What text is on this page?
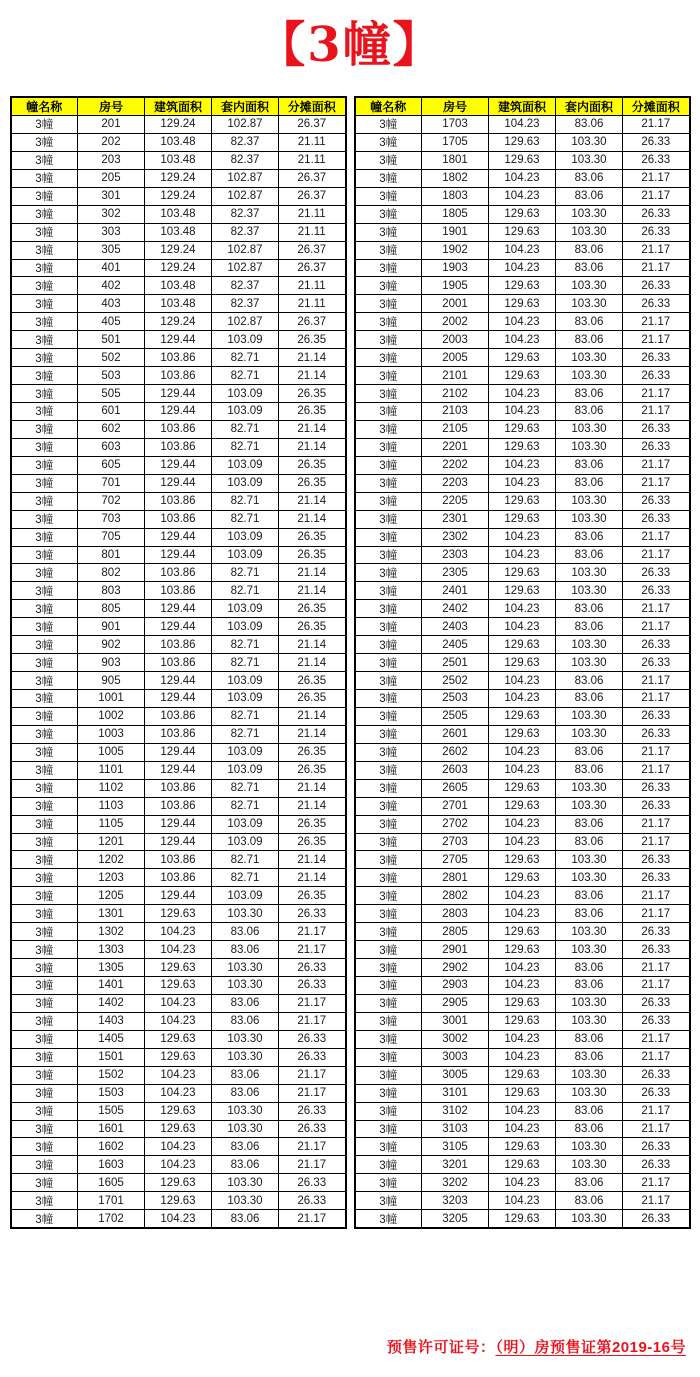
【3幢】
幢名称	房号	建筑面积	套内面积	分摊面积
3幢	201	129.24	102.87	26.37
3幢	202	103.48	82.37	21.11
3幢	203	103.48	82.37	21.11
3幢	205	129.24	102.87	26.37
3幢	301	129.24	102.87	26.37
3幢	302	103.48	82.37	21.11
3幢	303	103.48	82.37	21.11
3幢	305	129.24	102.87	26.37
3幢	401	129.24	102.87	26.37
3幢	402	103.48	82.37	21.11
3幢	403	103.48	82.37	21.11
3幢	405	129.24	102.87	26.37
3幢	501	129.44	103.09	26.35
3幢	502	103.86	82.71	21.14
3幢	503	103.86	82.71	21.14
3幢	505	129.44	103.09	26.35
3幢	601	129.44	103.09	26.35
3幢	602	103.86	82.71	21.14
3幢	603	103.86	82.71	21.14
3幢	605	129.44	103.09	26.35
3幢	701	129.44	103.09	26.35
3幢	702	103.86	82.71	21.14
3幢	703	103.86	82.71	21.14
3幢	705	129.44	103.09	26.35
3幢	801	129.44	103.09	26.35
3幢	802	103.86	82.71	21.14
3幢	803	103.86	82.71	21.14
3幢	805	129.44	103.09	26.35
3幢	901	129.44	103.09	26.35
3幢	902	103.86	82.71	21.14
3幢	903	103.86	82.71	21.14
3幢	905	129.44	103.09	26.35
3幢	1001	129.44	103.09	26.35
3幢	1002	103.86	82.71	21.14
3幢	1003	103.86	82.71	21.14
3幢	1005	129.44	103.09	26.35
3幢	1101	129.44	103.09	26.35
3幢	1102	103.86	82.71	21.14
3幢	1103	103.86	82.71	21.14
3幢	1105	129.44	103.09	26.35
3幢	1201	129.44	103.09	26.35
3幢	1202	103.86	82.71	21.14
3幢	1203	103.86	82.71	21.14
3幢	1205	129.44	103.09	26.35
3幢	1301	129.63	103.30	26.33
3幢	1302	104.23	83.06	21.17
3幢	1303	104.23	83.06	21.17
3幢	1305	129.63	103.30	26.33
3幢	1401	129.63	103.30	26.33
3幢	1402	104.23	83.06	21.17
3幢	1403	104.23	83.06	21.17
3幢	1405	129.63	103.30	26.33
3幢	1501	129.63	103.30	26.33
3幢	1502	104.23	83.06	21.17
3幢	1503	104.23	83.06	21.17
3幢	1505	129.63	103.30	26.33
3幢	1601	129.63	103.30	26.33
3幢	1602	104.23	83.06	21.17
3幢	1603	104.23	83.06	21.17
3幢	1605	129.63	103.30	26.33
3幢	1701	129.63	103.30	26.33
3幢	1702	104.23	83.06	21.17
幢名称	房号	建筑面积	套内面积	分摊面积
3幢	1703	104.23	83.06	21.17
3幢	1705	129.63	103.30	26.33
3幢	1801	129.63	103.30	26.33
3幢	1802	104.23	83.06	21.17
3幢	1803	104.23	83.06	21.17
3幢	1805	129.63	103.30	26.33
3幢	1901	129.63	103.30	26.33
3幢	1902	104.23	83.06	21.17
3幢	1903	104.23	83.06	21.17
3幢	1905	129.63	103.30	26.33
3幢	2001	129.63	103.30	26.33
3幢	2002	104.23	83.06	21.17
3幢	2003	104.23	83.06	21.17
3幢	2005	129.63	103.30	26.33
3幢	2101	129.63	103.30	26.33
3幢	2102	104.23	83.06	21.17
3幢	2103	104.23	83.06	21.17
3幢	2105	129.63	103.30	26.33
3幢	2201	129.63	103.30	26.33
3幢	2202	104.23	83.06	21.17
3幢	2203	104.23	83.06	21.17
3幢	2205	129.63	103.30	26.33
3幢	2301	129.63	103.30	26.33
3幢	2302	104.23	83.06	21.17
3幢	2303	104.23	83.06	21.17
3幢	2305	129.63	103.30	26.33
3幢	2401	129.63	103.30	26.33
3幢	2402	104.23	83.06	21.17
3幢	2403	104.23	83.06	21.17
3幢	2405	129.63	103.30	26.33
3幢	2501	129.63	103.30	26.33
3幢	2502	104.23	83.06	21.17
3幢	2503	104.23	83.06	21.17
3幢	2505	129.63	103.30	26.33
3幢	2601	129.63	103.30	26.33
3幢	2602	104.23	83.06	21.17
3幢	2603	104.23	83.06	21.17
3幢	2605	129.63	103.30	26.33
3幢	2701	129.63	103.30	26.33
3幢	2702	104.23	83.06	21.17
3幢	2703	104.23	83.06	21.17
3幢	2705	129.63	103.30	26.33
3幢	2801	129.63	103.30	26.33
3幢	2802	104.23	83.06	21.17
3幢	2803	104.23	83.06	21.17
3幢	2805	129.63	103.30	26.33
3幢	2901	129.63	103.30	26.33
3幢	2902	104.23	83.06	21.17
3幢	2903	104.23	83.06	21.17
3幢	2905	129.63	103.30	26.33
3幢	3001	129.63	103.30	26.33
3幢	3002	104.23	83.06	21.17
3幢	3003	104.23	83.06	21.17
3幢	3005	129.63	103.30	26.33
3幢	3101	129.63	103.30	26.33
3幢	3102	104.23	83.06	21.17
3幢	3103	104.23	83.06	21.17
3幢	3105	129.63	103.30	26.33
3幢	3201	129.63	103.30	26.33
3幢	3202	104.23	83.06	21.17
3幢	3203	104.23	83.06	21.17
3幢	3205	129.63	103.30	26.33
预售许可证号：（明）房预售证第2019-16号
